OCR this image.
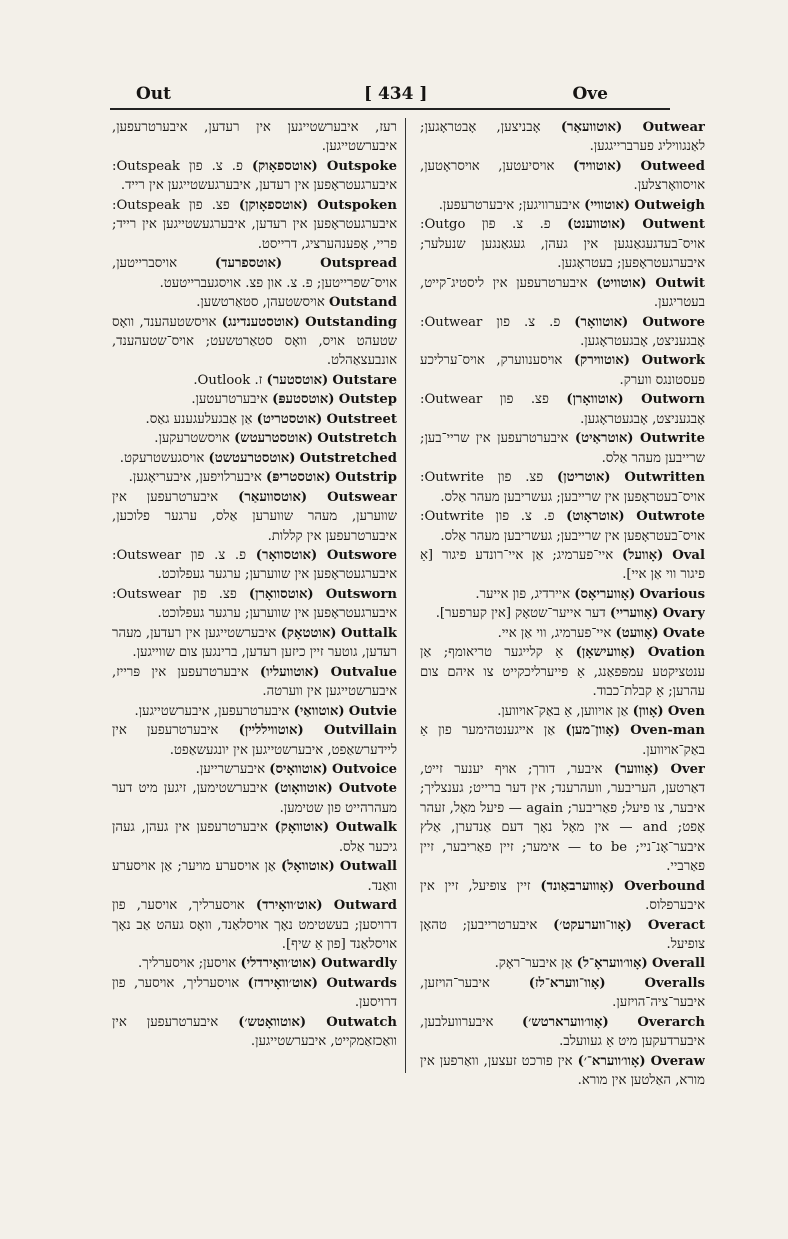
Out	[ 434 ]	Ove

רעז, איבערשטייגען אין רעדען, איבערטרעפען, איבערשטייגען.

Outspoke (אוטספאָוק) פ. צ. פון Outspeak: איבערגעטראָפען אין רעדען, איבערגעשטייגען אין רייד.

Outspoken (אוטספאָוקן) פצ. פון Outspeak: איבערגעטראָפען אין רעדען, איבערגעשטייגען אין רייד; פריי, אָפענהערציג, דרייסט.

Outspread (אוטספרעד) אויסברייטען, אויס־שפרייטען; פ. צ. און פצ. אויסגעברייטעט.

Outstand אויסשטעהן, סטאַרטשען.

Outstanding (אוטסטענדינג) אויסשטעהענד, וואָס שטעהט אויס, וואָס סטאַרטשעט; אויס־שטעהענד, אונבעצאַהלט.

Outstare (אוטסטער) ז. Outlook.

Outstep (אוטסטעפּ) איבערטרעטען.

Outstreet (אוטסטריט) אַן אַבגעלעגענע גאַס.

Outstretch (אוטסטרעטש) אויסשטרעקען.

Outstretched (אוטסטרעטשט) אויסגעשטרעקט.

Outstrip (אוטסטריפּ) איבערלויפען, איבעריאָגען.

Outswear (אוטסוועאַר) איבערטרעפען אין שווערען, מעהר שווערען אַלס, ערגער פלוכען, איבערטרעפען אין קללות.

Outswore (אוטסוואָר) פ. צ. פון Outswear: איבערגעטראָפען אין שווערען; ערגער געפלוכט.

Outsworn (אוטסוואָרן) פצ. פון Outswear: איבערגעטראָפען אין שווערען; ערגער געפלוכט.

Outtalk (אוטטאָק) איבערשטייגען אין רעדען, מעהר רעדען, גוטער זיין כיזען רעדען, ברינגען צום שווייגען.

Outvalue (אוטוועליו) איבערטרעפען אין פּרייז, איבערשטייגען אין ווערטה.

Outvie (אוטוואַי) איבערטרעפען, איבערשטייגען.

Outvillain (אוטווילליין) איבערטרעפען אין ליידערשאַפט, איבערשטייגען אין יונגעשאַפט.

Outvoice (אוטוואָיס) איבערשרייען.

Outvote (אוטוואָוט) איבערשטימען, זיגען מיט דער מעהרהייט פון שטימען.

Outwalk (אוטוואָק) איבערטרעפען אין געהן, געהן גיכער אַלס.

Outwall (אוטוואָל) אַן אויסערע מויער; אַן אויסערע וואַנד.

Outward (אוט׳וואָירד) אויסערליך, אויסער, פון דרויסען; בעשטימט נאָך אויסלאַנד, וואָס געהט אַב נאָך אויסלאַנד [פון אַ שיף].

Outwardly (אוט׳וואָירדלי) אויסען; אויסערליך.

Outwards (אוט׳וואָירדז) אויסערליך, אויסער, פון דרויסען.

Outwatch (אוטוואָטש׳) איבערטרעפען אין וואַכזאַמקייט, איבערשטייגען.

Outwear (אוטוועאַר) אָבניצען, אָבטראָגען; לאַנגוויליג פערברייגגען.

Outweed (אוטוויד) אויסיעטען, אויסראָטען, אויסוואָרצלען.

Outweigh (אוטוויי) איבערוויגען; איבערטרעפען.

Outwent (אוטווענט) פ. צ. פון Outgo: אויס־בעדגעגאַנגען אין געהן, געגאַנגען שנעלער; איבערגעטראָפען; בעטראָגען.

Outwit (אוטוויט) איבערטרעפען אין ליסטיג־קייט, בעטריגען.

Outwore (אוטוואָר) פ. צ. פון Outwear: אָבגעניצט, אָבגעטראָגען.

Outwork (אוטווירק) אויסענווערק, אויס־ערליכע פעסטונגס ווערק.

Outworn (אוטוואָרן) פצ. פון Outwear: אָבגעניצט, אָבגעטראָגען.

Outwrite (אוטראַיט) איבערטרעפען אין שריי־בען; שרייבען מעהר אַלס.

Outwritten (אוטריטן) פצ. פון Outwrite: אויס־בעטראָפען אין שרייבען; געשריבען מעהר אַלס.

Outwrote (אוטראָוט) פ. צ. פון Outwrite: אויס־בעטראָפען אין שרייבען; געשריבען מעהר אַלס.

Oval (אָוועל) איי־פערמיג; אַן איי־רונדע פיגור [אַ פיגור ווי אַן איי].

Ovarious (אָוועריאָס) איירדיג, פון אייער.

Ovary (אָוועריי) דער אייער־שטאָק [אין קערפער].

Ovate (אָוועט) איי־פערמיג, ווי אַן איי.

Ovation (אָוועישאָן) אַ קלייגער טריאומף; אַן ענטציקטע עמפּפאַנג, אַ פייערליכקייט צו איהם צום עהרען; אַ קבלת־כבוד.

Oven (אָוון) אַן אויווען, אַ באַק־אויווען.

Oven-man (אָוון־מען) אַן אייגענטהימער פון אַ באַק־אויווען.

Over (אָוווער) איבער, דורך; אויף יענער זייט, דאַרטען, העריבער, וועהרענד; אין דער ברייט; גענצליך; איבער, צו פיעל; פאַריבער; again — פיעל מאָל, זעהר אָפט; and — אין מאָל נאָך דעם אַנדערן, אַלץ איבער־אָנ־ניי; to be — אימער; זיין פאַריבער, זיין פאַרביי.

Overbound (אָוווערבאַונד) זיין צופיעל, זיין אין איבערפלוס.

Overact (אָוו־ווערעקט׳) איבערטרייבען; טהאָן צופיעל.

Overall (אָוו׳וועראָ־ל) אַן איבער־ראָק.

Overalls (אָוו־ווערא־לז) איבער־הויזען, איבער־ציה־הויזען.

Overarch (אָוו׳ווערארטש׳) איבערוועלבען, איבערדעקען מיט אַ געוועלב.

Overaw (אָוו׳ווערא־׳) אין פורכט זעצען, וואַרפען אין מורא, האַלטען אין מורא.
